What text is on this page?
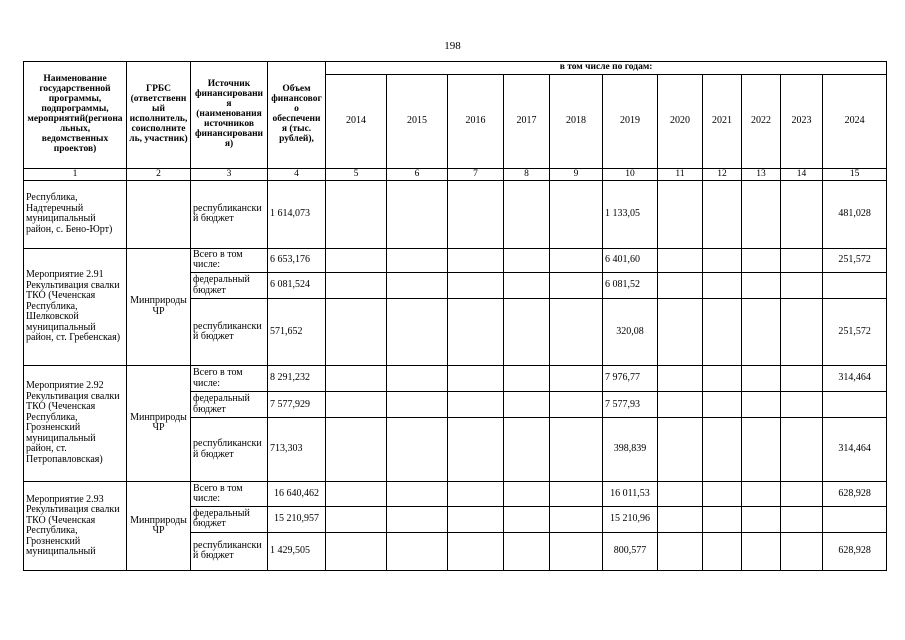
198
Наименование государственной программы, подпрограммы, мероприятий(региональных, ведомственных проектов)	ГРБС (ответственный исполнитель, соисполнитель, участник)	Источник финансирования (наименования источников финансирования)	Объем финансового обеспечения (тыс. рублей),	в том числе по годам:										
				2014	2015	2016	2017	2018	2019	2020	2021	2022	2023	2024
1	2	3	4	5	6	7	8	9	10	11	12	13	14	15
Республика, Надтеречный муниципальный район, с. Бено-Юрт)		республиканский бюджет	1 614,073						1 133,05					481,028
Мероприятие 2.91 Рекультивация свалки ТКО (Чеченская Республика, Шелковской муниципальный район, ст. Гребенская)	Минприроды ЧР	Всего в том числе:	6 653,176						6 401,60					251,572
		федеральный бюджет	6 081,524						6 081,52					
		республиканский бюджет	571,652						320,08					251,572
Мероприятие 2.92 Рекультивация свалки ТКО (Чеченская Республика, Грозненский муниципальный район, ст. Петропавловская)	Минприроды ЧР	Всего в том числе:	8 291,232						7 976,77					314,464
		федеральный бюджет	7 577,929						7 577,93					
		республиканский бюджет	713,303						398,839					314,464
Мероприятие 2.93 Рекультивация свалки ТКО (Чеченская Республика, Грозненский муниципальный	Минприроды ЧР	Всего в том числе:	16 640,462						16 011,53					628,928
		федеральный бюджет	15 210,957						15 210,96					
		республиканский бюджет	1 429,505						800,577					628,928
